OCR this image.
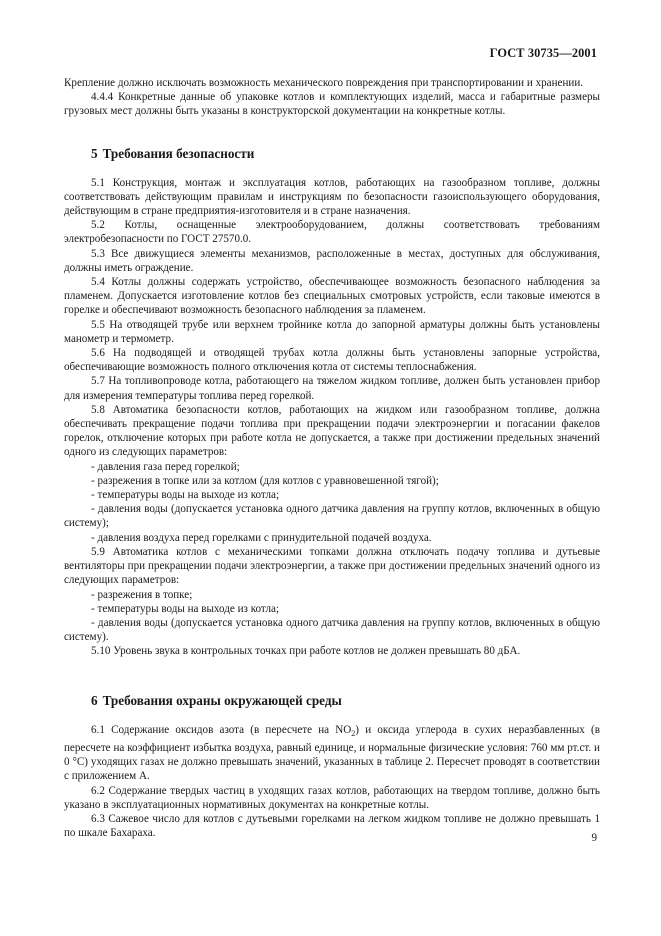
ГОСТ 30735—2001

Крепление должно исключать возможность механического повреждения при транспортировании и хранении.

4.4.4 Конкретные данные об упаковке котлов и комплектующих изделий, масса и габаритные размеры грузовых мест должны быть указаны в конструкторской документации на конкретные котлы.

5 Требования безопасности

5.1 Конструкция, монтаж и эксплуатация котлов, работающих на газообразном топливе, должны соответствовать действующим правилам и инструкциям по безопасности газоиспользующего оборудования, действующим в стране предприятия-изготовителя и в стране назначения.

5.2 Котлы, оснащенные электрооборудованием, должны соответствовать требованиям электробезопасности по ГОСТ 27570.0.

5.3 Все движущиеся элементы механизмов, расположенные в местах, доступных для обслуживания, должны иметь ограждение.

5.4 Котлы должны содержать устройство, обеспечивающее возможность безопасного наблюдения за пламенем. Допускается изготовление котлов без специальных смотровых устройств, если таковые имеются в горелке и обеспечивают возможность безопасного наблюдения за пламенем.

5.5 На отводящей трубе или верхнем тройнике котла до запорной арматуры должны быть установлены манометр и термометр.

5.6 На подводящей и отводящей трубах котла должны быть установлены запорные устройства, обеспечивающие возможность полного отключения котла от системы теплоснабжения.

5.7 На топливопроводе котла, работающего на тяжелом жидком топливе, должен быть установлен прибор для измерения температуры топлива перед горелкой.

5.8 Автоматика безопасности котлов, работающих на жидком или газообразном топливе, должна обеспечивать прекращение подачи топлива при прекращении подачи электроэнергии и погасании факелов горелок, отключение которых при работе котла не допускается, а также при достижении предельных значений одного из следующих параметров:

- давления газа перед горелкой;

- разрежения в топке или за котлом (для котлов с уравновешенной тягой);

- температуры воды на выходе из котла;

- давления воды (допускается установка одного датчика давления на группу котлов, включенных в общую систему);

- давления воздуха перед горелками с принудительной подачей воздуха.

5.9 Автоматика котлов с механическими топками должна отключать подачу топлива и дутьевые вентиляторы при прекращении подачи электроэнергии, а также при достижении предельных значений одного из следующих параметров:

- разрежения в топке;

- температуры воды на выходе из котла;

- давления воды (допускается установка одного датчика давления на группу котлов, включенных в общую систему).

5.10 Уровень звука в контрольных точках при работе котлов не должен превышать 80 дБА.

6 Требования охраны окружающей среды

6.1 Содержание оксидов азота (в пересчете на $NO_2$) и оксида углерода в сухих неразбавленных (в пересчете на коэффициент избытка воздуха, равный единице, и нормальные физические условия: 760 мм рт.ст. и 0 °С) уходящих газах не должно превышать значений, указанных в таблице 2. Пересчет проводят в соответствии с приложением А.

6.2 Содержание твердых частиц в уходящих газах котлов, работающих на твердом топливе, должно быть указано в эксплуатационных нормативных документах на конкретные котлы.

6.3 Сажевое число для котлов с дутьевыми горелками на легком жидком топливе не должно превышать 1 по шкале Бахараха.	9
